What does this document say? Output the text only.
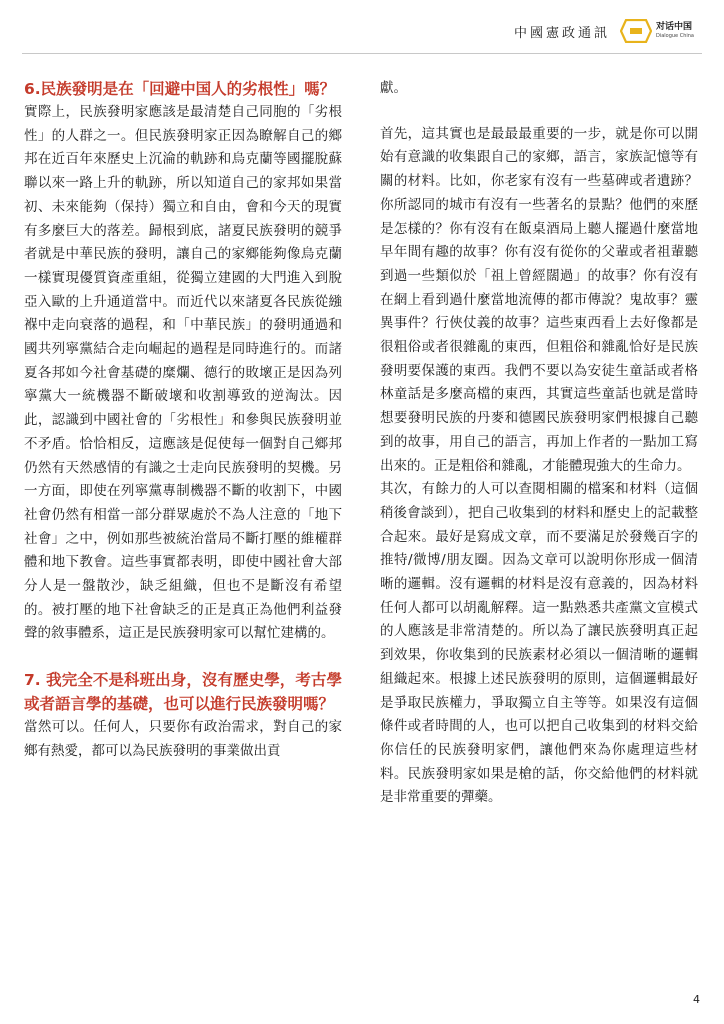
中國憲政通訊	对话中国
Dialogue China

6.民族發明是在「回避中国人的劣根性」嗎？

實際上，民族發明家應該是最清楚自己同胞的「劣根性」的人群之一。但民族發明家正因為瞭解自己的鄉邦在近百年來歷史上沉淪的軌跡和烏克蘭等國擺脫蘇聯以來一路上升的軌跡，所以知道自己的家邦如果當初、未來能夠（保持）獨立和自由，會和今天的現實有多麼巨大的落差。歸根到底，諸夏民族發明的競爭者就是中華民族的發明，讓自己的家鄉能夠像烏克蘭一樣實現優質資產重組，從獨立建國的大門進入到脫亞入歐的上升通道當中。而近代以來諸夏各民族從繈褓中走向衰落的過程，和「中華民族」的發明通過和國共列寧黨結合走向崛起的過程是同時進行的。而諸夏各邦如今社會基礎的糜爛、德行的敗壞正是因為列寧黨大一統機器不斷破壞和收割導致的逆淘汰。因此，認識到中國社會的「劣根性」和參與民族發明並不矛盾。恰恰相反，這應該是促使每一個對自己鄉邦仍然有天然感情的有識之士走向民族發明的契機。另一方面，即使在列寧黨專制機器不斷的收割下，中國社會仍然有相當一部分群眾處於不為人注意的「地下社會」之中，例如那些被統治當局不斷打壓的維權群體和地下教會。這些事實都表明，即使中國社會大部分人是一盤散沙，缺乏組織，但也不是斷沒有希望的。被打壓的地下社會缺乏的正是真正為他們利益發聲的敘事體系，這正是民族發明家可以幫忙建構的。

7. 我完全不是科班出身，沒有歷史學，考古學或者語言學的基礎，也可以進行民族發明嗎？

當然可以。任何人，只要你有政治需求，對自己的家鄉有熱愛，都可以為民族發明的事業做出貢

獻。

首先，這其實也是最最最重要的一步，就是你可以開始有意識的收集跟自己的家鄉，語言，家族記憶等有關的材料。比如，你老家有沒有一些墓碑或者遺跡？你所認同的城市有沒有一些著名的景點？他們的來歷是怎樣的？你有沒有在飯桌酒局上聽人擺過什麼當地早年間有趣的故事？你有沒有從你的父輩或者祖輩聽到過一些類似於「祖上曾經闊過」的故事？你有沒有在網上看到過什麼當地流傳的都市傳說？鬼故事？靈異事件？行俠仗義的故事？這些東西看上去好像都是很粗俗或者很雜亂的東西，但粗俗和雜亂恰好是民族發明要保護的東西。我們不要以為安徒生童話或者格林童話是多麼高檔的東西，其實這些童話也就是當時想要發明民族的丹麥和德國民族發明家們根據自己聽到的故事，用自己的語言，再加上作者的一點加工寫出來的。正是粗俗和雜亂，才能體現強大的生命力。

其次，有餘力的人可以查閱相關的檔案和材料（這個稍後會談到），把自己收集到的材料和歷史上的記載整合起來。最好是寫成文章，而不要滿足於發幾百字的推特/微博/朋友圈。因為文章可以說明你形成一個清晰的邏輯。沒有邏輯的材料是沒有意義的，因為材料任何人都可以胡亂解釋。這一點熟悉共產黨文宣模式的人應該是非常清楚的。所以為了讓民族發明真正起到效果，你收集到的民族素材必須以一個清晰的邏輯組織起來。根據上述民族發明的原則，這個邏輯最好是爭取民族權力，爭取獨立自主等等。如果沒有這個條件或者時間的人，也可以把自己收集到的材料交給你信任的民族發明家們，讓他們來為你處理這些材料。民族發明家如果是槍的話，你交給他們的材料就是非常重要的彈藥。

4
